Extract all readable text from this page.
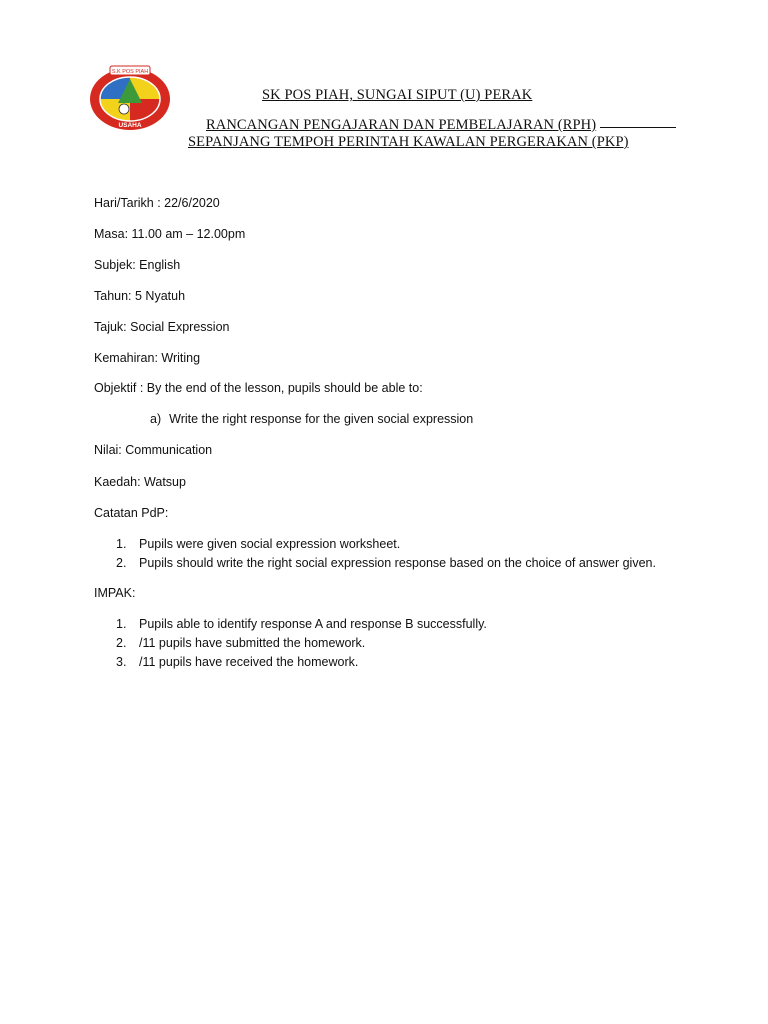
S.K POS PIAH
USAHA
SK POS PIAH, SUNGAI SIPUT (U) PERAK
RANCANGAN PENGAJARAN DAN PEMBELAJARAN (RPH)
SEPANJANG TEMPOH PERINTAH KAWALAN PERGERAKAN (PKP)
Hari/Tarikh : 22/6/2020
Masa: 11.00 am – 12.00pm
Subjek: English
Tahun: 5 Nyatuh
Tajuk: Social Expression
Kemahiran: Writing
Objektif : By the end of the lesson, pupils should be able to:
a) Write the right response for the given social expression
Nilai: Communication
Kaedah: Watsup
Catatan PdP:
1. Pupils were given social expression worksheet.
2. Pupils should write the right social expression response based on the choice of answer given.
IMPAK:
1. Pupils able to identify response A and response B successfully.
2. /11 pupils have submitted the homework.
3. /11 pupils have received the homework.
